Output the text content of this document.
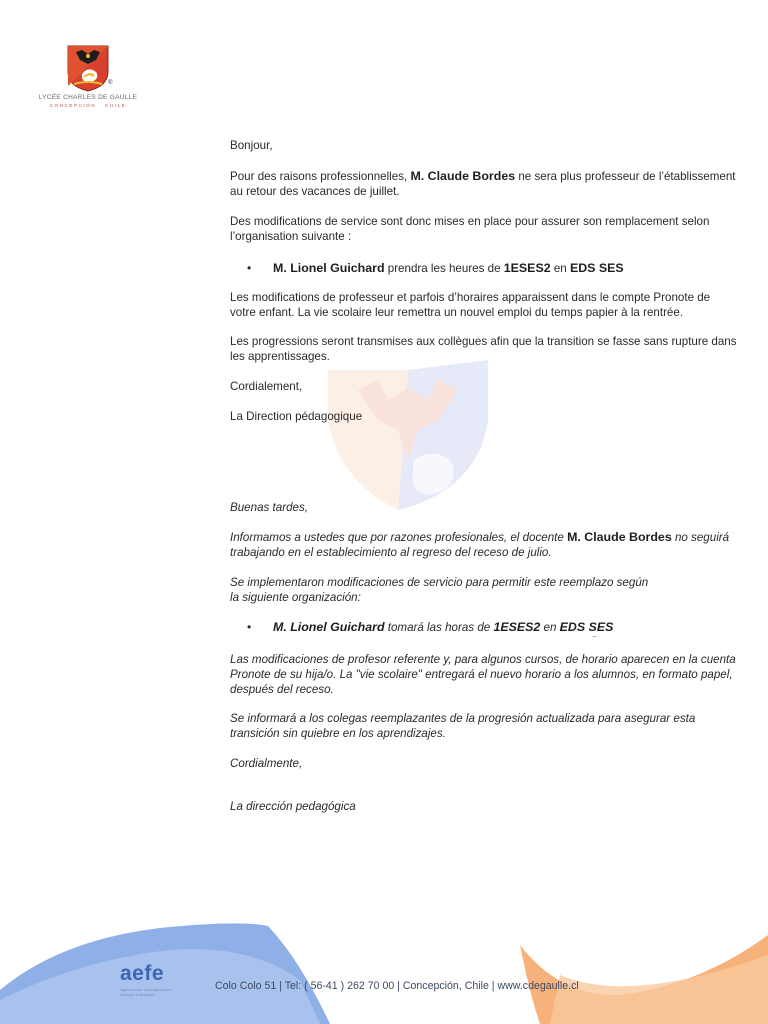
®
LYCÉE CHARLES DE GAULLE
CONCEPCIÓN · CHILE
Bonjour,
Pour des raisons professionnelles, M. Claude Bordes ne sera plus professeur de l’établissement
au retour des vacances de juillet.
Des modifications de service sont donc mises en place pour assurer son remplacement selon
l’organisation suivante :
• M. Lionel Guichard prendra les heures de 1ESES2 en EDS SES
Les modifications de professeur et parfois d’horaires apparaissent dans le compte Pronote de
votre enfant. La vie scolaire leur remettra un nouvel emploi du temps papier à la rentrée.
Les progressions seront transmises aux collègues afin que la transition se fasse sans rupture dans
les apprentissages.
Cordialement,
La Direction pédagogique
Buenas tardes,
Informamos a ustedes que por razones profesionales, el docente M. Claude Bordes no seguirá
trabajando en el establecimiento al regreso del receso de julio.
Se implementaron modificaciones de servicio para permitir este reemplazo según
la siguiente organización:
• M. Lionel Guichard tomará las horas de 1ESES2 en EDS SES
Las modificaciones de profesor referente y, para algunos cursos, de horario aparecen en la cuenta
Pronote de su hija/o. La "vie scolaire" entregará el nuevo horario a los alumnos, en formato papel,
después del receso.
Se informará a los colegas reemplazantes de la progresión actualizada para asegurar esta
transición sin quiebre en los aprendizajes.
Cordialmente,
La dirección pedagógica
aefe
Agence pour l'enseignement français à l'étranger
Colo Colo 51 | Tel: ( 56-41 ) 262 70 00 | Concepción, Chile | www.cdegaulle.cl
